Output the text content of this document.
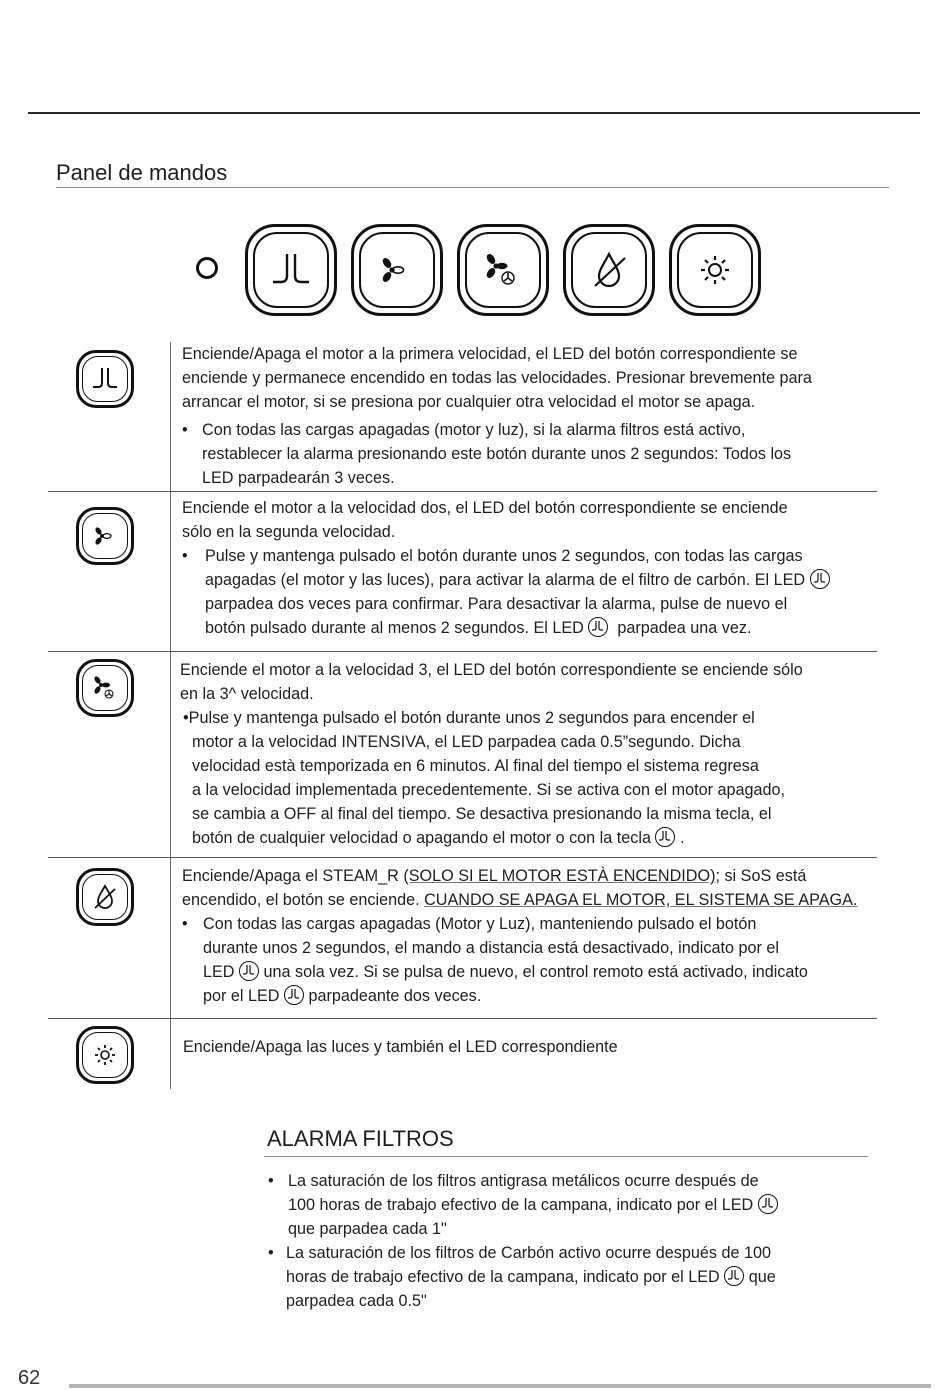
Panel de mandos

Enciende/Apaga el motor a la primera velocidad, el LED del botón correspondiente se

enciende y permanece encendido en todas las velocidades. Presionar brevemente para

arrancar el motor, si se presiona por cualquier otra velocidad el motor se apaga.

• Con todas las cargas apagadas (motor y luz), si la alarma filtros está activo,

restablecer la alarma presionando este botón durante unos 2 segundos: Todos los

LED parpadearán 3 veces.

Enciende el motor a la velocidad dos, el LED del botón correspondiente se enciende

sólo en la segunda velocidad.

• Pulse y mantenga pulsado el botón durante unos 2 segundos, con todas las cargas

apagadas (el motor y las luces), para activar la alarma de el filtro de carbón. El LED

parpadea dos veces para confirmar. Para desactivar la alarma, pulse de nuevo el

botón pulsado durante al menos 2 segundos. El LED parpadea una vez.

Enciende el motor a la velocidad 3, el LED del botón correspondiente se enciende sólo

en la 3^ velocidad.

•Pulse y mantenga pulsado el botón durante unos 2 segundos para encender el

motor a la velocidad INTENSIVA, el LED parpadea cada 0.5”segundo. Dicha

velocidad està temporizada en 6 minutos. Al final del tiempo el sistema regresa

a la velocidad implementada precedentemente. Si se activa con el motor apagado,

se cambia a OFF al final del tiempo. Se desactiva presionando la misma tecla, el

botón de cualquier velocidad o apagando el motor o con la tecla .

Enciende/Apaga el STEAM_R (SOLO SI EL MOTOR ESTÀ ENCENDIDO); si SoS está

encendido, el botón se enciende. CUANDO SE APAGA EL MOTOR, EL SISTEMA SE APAGA.

• Con todas las cargas apagadas (Motor y Luz), manteniendo pulsado el botón

durante unos 2 segundos, el mando a distancia está desactivado, indicato por el

LED una sola vez. Si se pulsa de nuevo, el control remoto está activado, indicato

por el LED parpadeante dos veces.

Enciende/Apaga las luces y también el LED correspondiente
ALARMA FILTROS

• La saturación de los filtros antigrasa metálicos ocurre después de

100 horas de trabajo efectivo de la campana, indicato por el LED

que parpadea cada 1"

• La saturación de los filtros de Carbón activo ocurre después de 100

horas de trabajo efectivo de la campana, indicato por el LED que

parpadea cada 0.5"

62
